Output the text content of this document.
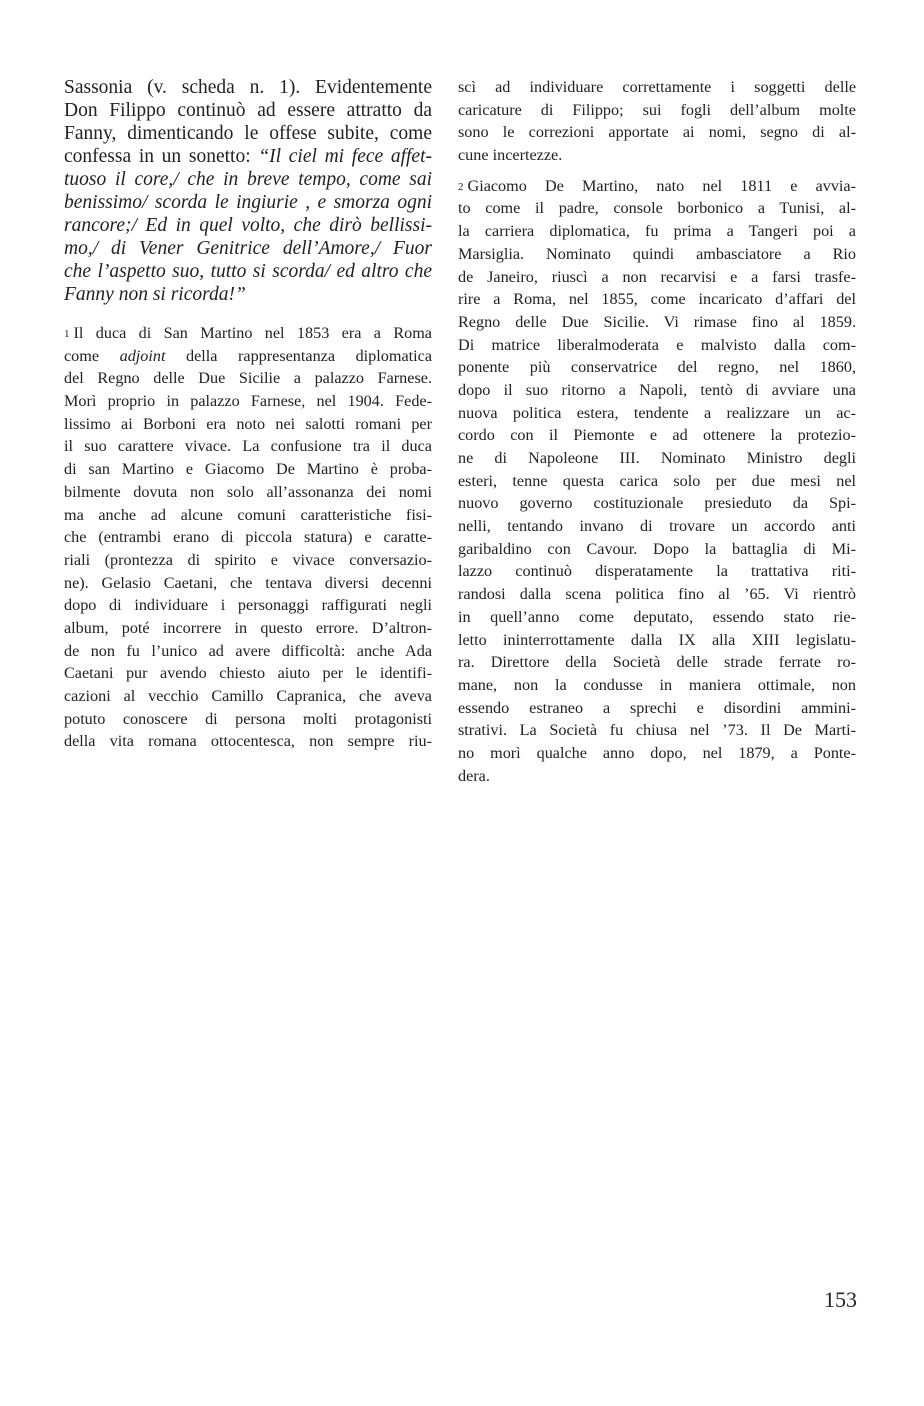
Sassonia (v. scheda n. 1). Evidentemente

Don Filippo continuò ad essere attratto da

Fanny, dimenticando le offese subite, come

confessa in un sonetto: “Il ciel mi fece affet-

tuoso il core,/ che in breve tempo, come sai

benissimo/ scorda le ingiurie , e smorza ogni

rancore;/ Ed in quel volto, che dirò bellissi-

mo,/ di Vener Genitrice dell’Amore,/ Fuor

che l’aspetto suo, tutto si scorda/ ed altro che

Fanny non si ricorda!”

$^1$ Il duca di San Martino nel 1853 era a Roma

come adjoint della rappresentanza diplomatica

del Regno delle Due Sicilie a palazzo Farnese.

Morì proprio in palazzo Farnese, nel 1904. Fede-

lissimo ai Borboni era noto nei salotti romani per

il suo carattere vivace. La confusione tra il duca

di san Martino e Giacomo De Martino è proba-

bilmente dovuta non solo all’assonanza dei nomi

ma anche ad alcune comuni caratteristiche fisi-

che (entrambi erano di piccola statura) e caratte-

riali (prontezza di spirito e vivace conversazio-

ne). Gelasio Caetani, che tentava diversi decenni

dopo di individuare i personaggi raffigurati negli

album, poté incorrere in questo errore. D’altron-

de non fu l’unico ad avere difficoltà: anche Ada

Caetani pur avendo chiesto aiuto per le identifi-

cazioni al vecchio Camillo Capranica, che aveva

potuto conoscere di persona molti protagonisti

della vita romana ottocentesca, non sempre riu-

scì ad individuare correttamente i soggetti delle

caricature di Filippo; sui fogli dell’album molte

sono le correzioni apportate ai nomi, segno di al-

cune incertezze.

$^2$ Giacomo De Martino, nato nel 1811 e avvia-

to come il padre, console borbonico a Tunisi, al-

la carriera diplomatica, fu prima a Tangeri poi a

Marsiglia. Nominato quindi ambasciatore a Rio

de Janeiro, riuscì a non recarvisi e a farsi trasfe-

rire a Roma, nel 1855, come incaricato d’affari del

Regno delle Due Sicilie. Vi rimase fino al 1859.

Di matrice liberalmoderata e malvisto dalla com-

ponente più conservatrice del regno, nel 1860,

dopo il suo ritorno a Napoli, tentò di avviare una

nuova politica estera, tendente a realizzare un ac-

cordo con il Piemonte e ad ottenere la protezio-

ne di Napoleone III. Nominato Ministro degli

esteri, tenne questa carica solo per due mesi nel

nuovo governo costituzionale presieduto da Spi-

nelli, tentando invano di trovare un accordo anti

garibaldino con Cavour. Dopo la battaglia di Mi-

lazzo continuò disperatamente la trattativa riti-

randosi dalla scena politica fino al ’65. Vi rientrò

in quell’anno come deputato, essendo stato rie-

letto ininterrottamente dalla IX alla XIII legislatu-

ra. Direttore della Società delle strade ferrate ro-

mane, non la condusse in maniera ottimale, non

essendo estraneo a sprechi e disordini ammini-

strativi. La Società fu chiusa nel ’73. Il De Marti-

no morì qualche anno dopo, nel 1879, a Ponte-

dera.

153
